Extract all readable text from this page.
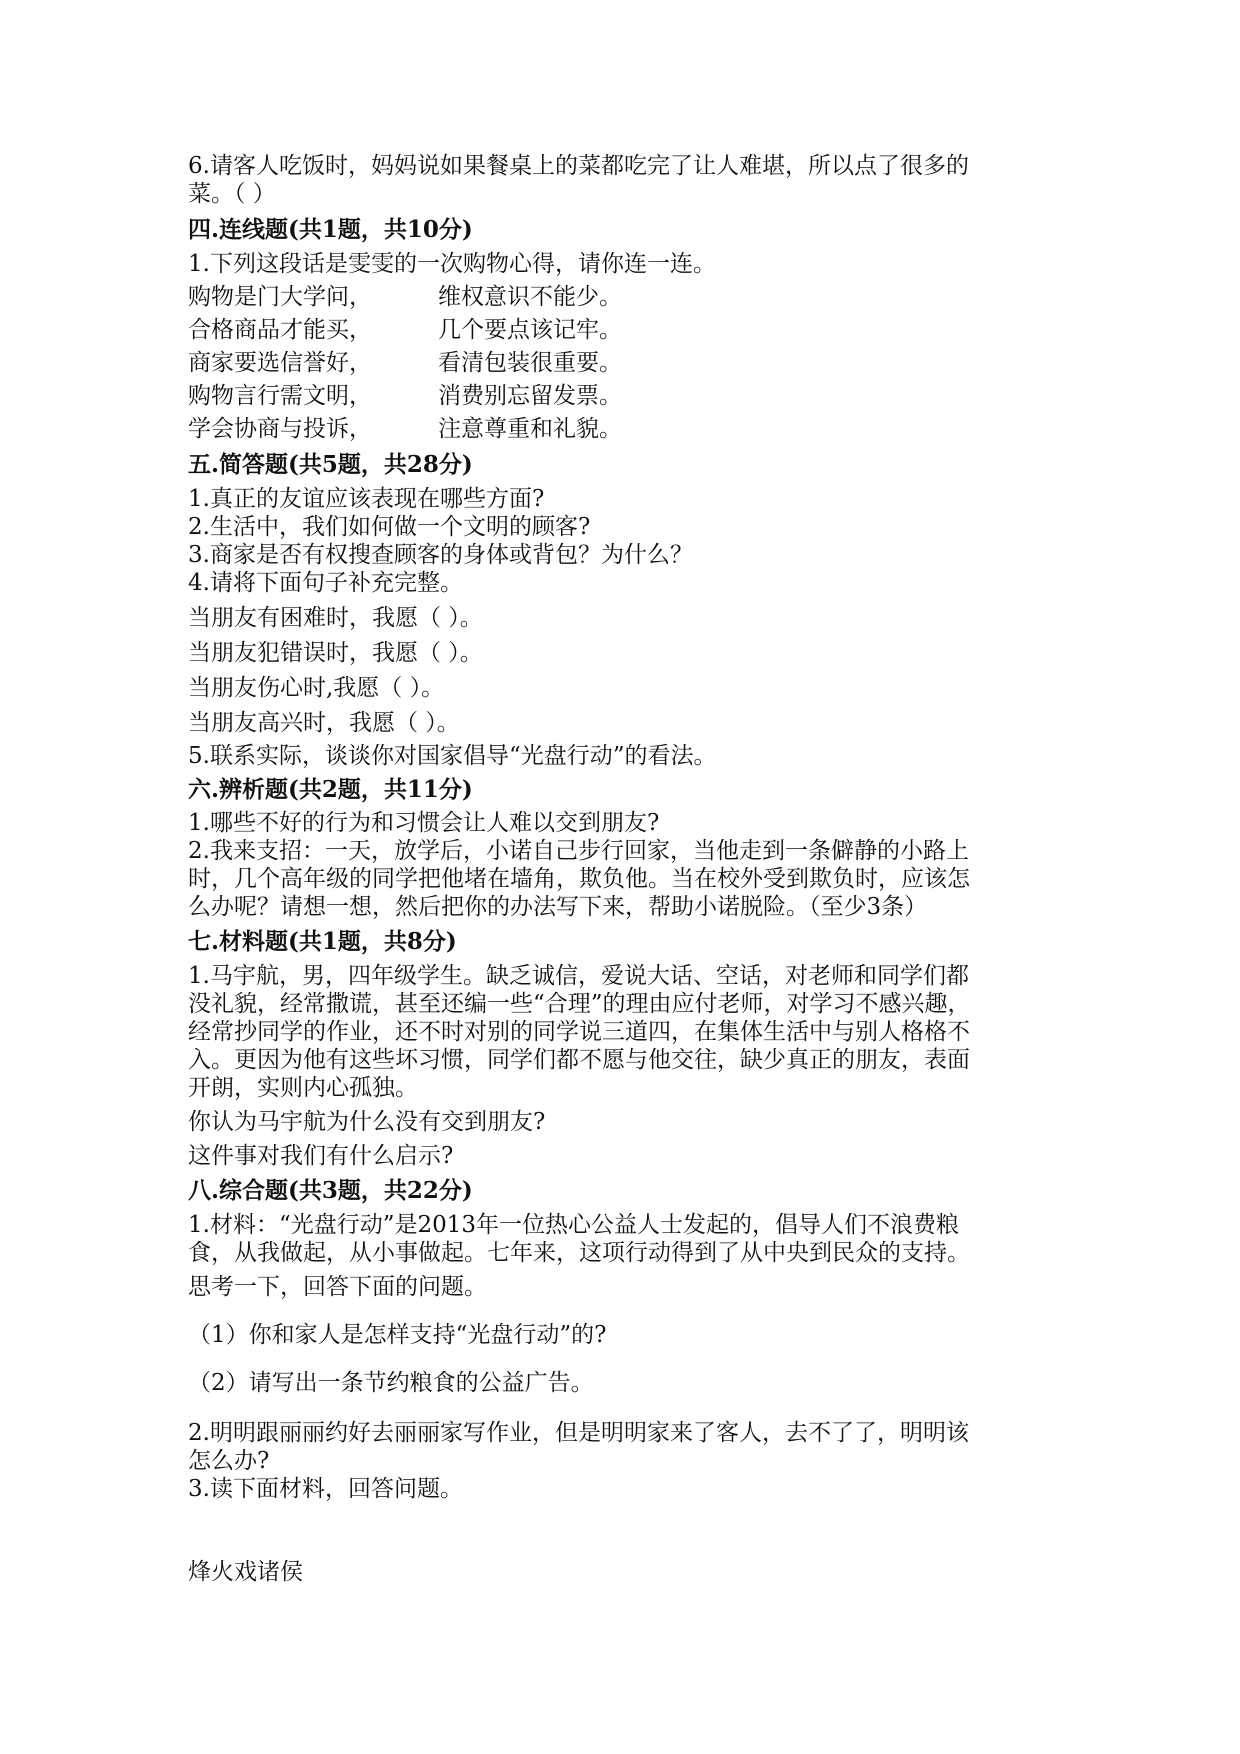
6.请客人吃饭时，妈妈说如果餐桌上的菜都吃完了让人难堪，所以点了很多的
菜。（ ）
四.连线题(共1题，共10分)
1.下列这段话是雯雯的一次购物心得，请你连一连。
购物是门大学问，	维权意识不能少。
合格商品才能买，	几个要点该记牢。
商家要选信誉好，	看清包装很重要。
购物言行需文明，	消费别忘留发票。
学会协商与投诉，	注意尊重和礼貌。
五.简答题(共5题，共28分)
1.真正的友谊应该表现在哪些方面?
2.生活中，我们如何做一个文明的顾客?
3.商家是否有权搜查顾客的身体或背包？为什么？
4.请将下面句子补充完整。
当朋友有困难时，我愿（ ）。
当朋友犯错误时，我愿（ ）。
当朋友伤心时,我愿（ ）。
当朋友高兴时，我愿（ ）。
5.联系实际，谈谈你对国家倡导“光盘行动”的看法。
六.辨析题(共2题，共11分)
1.哪些不好的行为和习惯会让人难以交到朋友?
2.我来支招：一天，放学后，小诺自己步行回家，当他走到一条僻静的小路上
时，几个高年级的同学把他堵在墙角，欺负他。当在校外受到欺负时，应该怎
么办呢？请想一想，然后把你的办法写下来，帮助小诺脱险。（至少3条）
七.材料题(共1题，共8分)
1.马宇航，男，四年级学生。缺乏诚信，爱说大话、空话，对老师和同学们都
没礼貌，经常撒谎，甚至还编一些“合理”的理由应付老师，对学习不感兴趣，
经常抄同学的作业，还不时对别的同学说三道四，在集体生活中与别人格格不
入。更因为他有这些坏习惯，同学们都不愿与他交往，缺少真正的朋友，表面
开朗，实则内心孤独。
你认为马宇航为什么没有交到朋友?
这件事对我们有什么启示?
八.综合题(共3题，共22分)
1.材料：“光盘行动”是2013年一位热心公益人士发起的，倡导人们不浪费粮
食，从我做起，从小事做起。七年来，这项行动得到了从中央到民众的支持。
思考一下，回答下面的问题。
（1）你和家人是怎样支持“光盘行动”的?
（2）请写出一条节约粮食的公益广告。
2.明明跟丽丽约好去丽丽家写作业，但是明明家来了客人，去不了了，明明该
怎么办?
3.读下面材料，回答问题。
烽火戏诸侯
